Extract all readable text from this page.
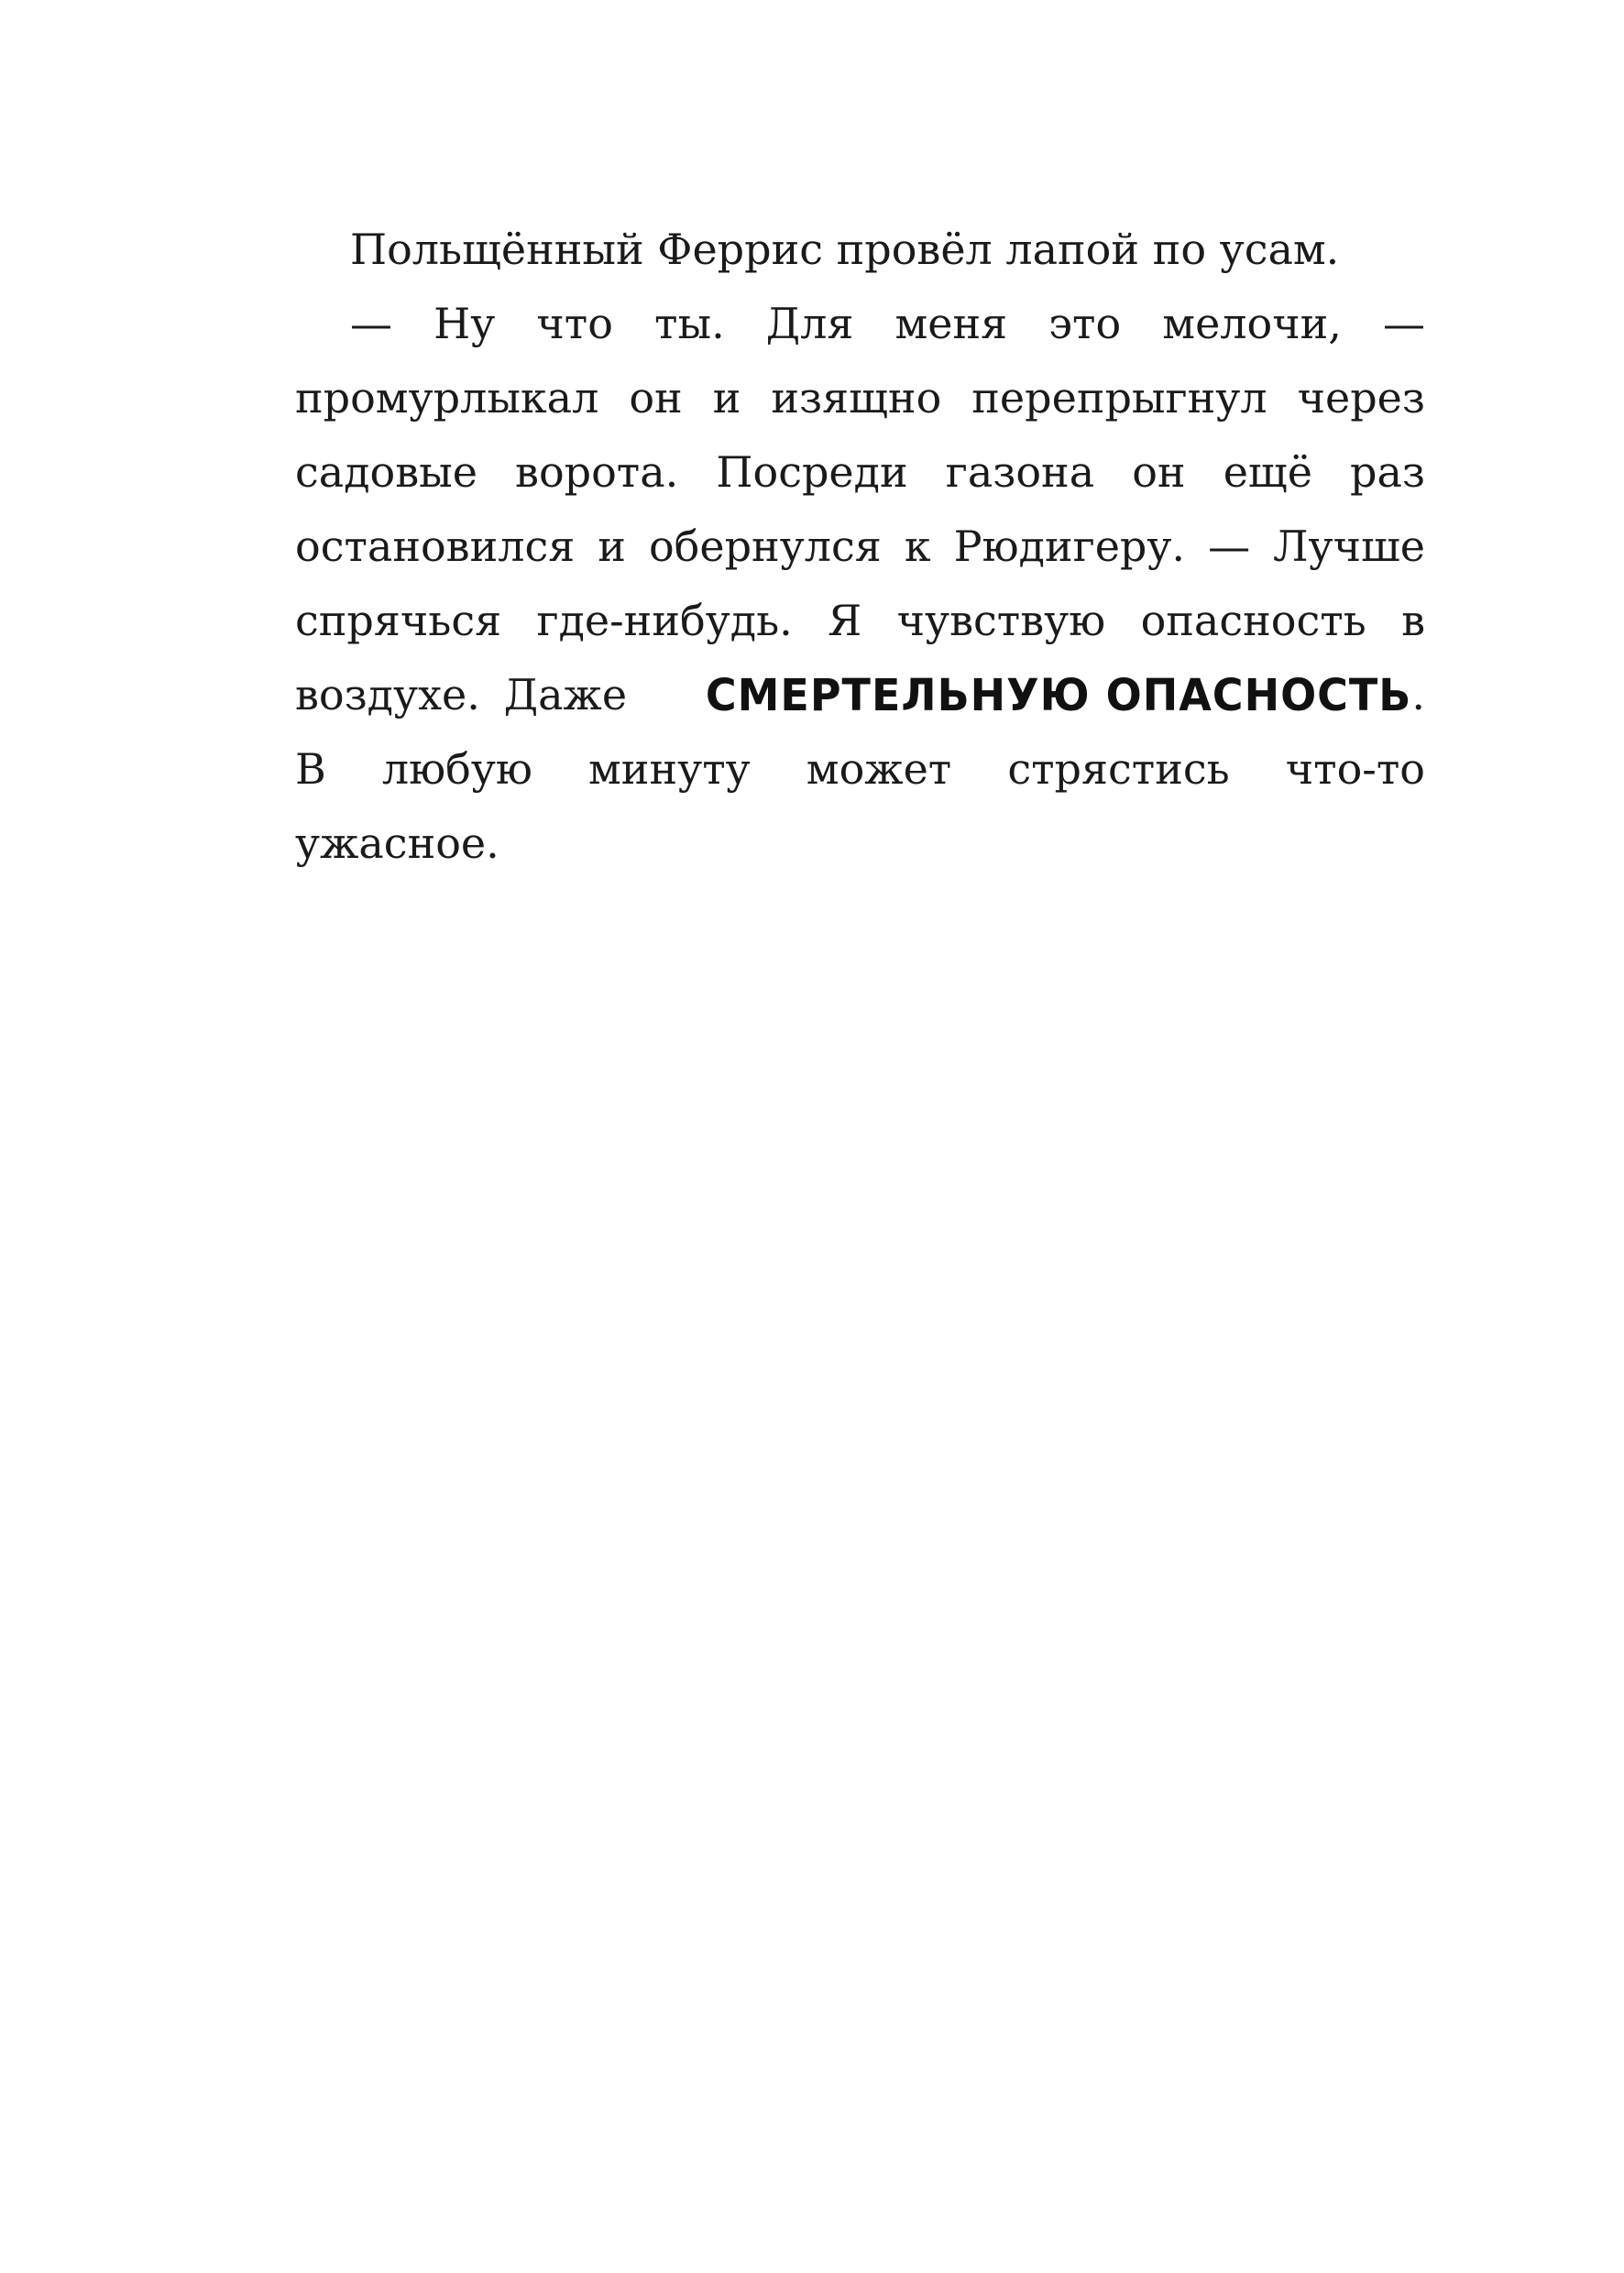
Польщённый Феррис провёл лапой по усам.

— Ну что ты. Для меня это мелочи, — промурлыкал он и изящно перепрыгнул через садовые ворота. Посреди газона он ещё раз остановился и обернулся к Рюдигеру. — Лучше спрячься где-нибудь. Я чувствую опасность в воздухе. Даже СМЕРТЕЛЬНУЮ ОПАСНОСТЬ. В любую минуту может стрястись что-то ужасное.
